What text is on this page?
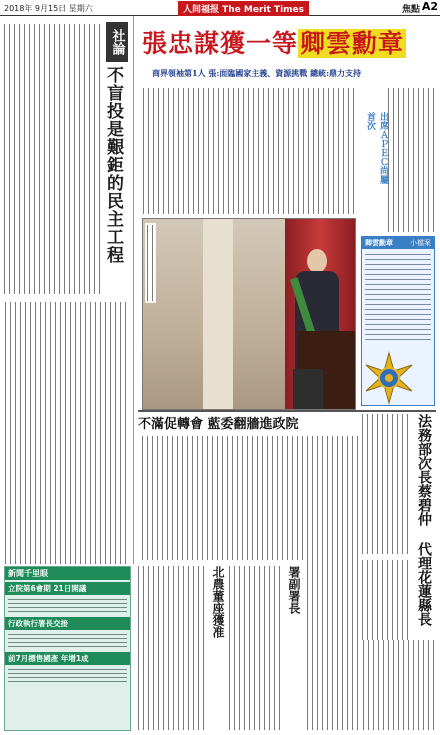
2018年 9月15日 星期六	人间福报 The Merit Times	焦點 A2
社論
不盲投是艱鉅的民主工程
新聞千里眼
立院第6會期 21日開議
行政執行署長交接
前7月標售國產 年增1成
張忠謀獲一等卿雲勳章
商界領袖第1人 張:面臨國家主義、資源挑戰 總統:鼎力支持
出席ＡＰＥＣ尚屬首次
卿雲勳章 小檔案
不滿促轉會 藍委翻牆進政院
北農董座獲准
署副署長	法務部次長蔡碧仲 代理花蓮縣長
